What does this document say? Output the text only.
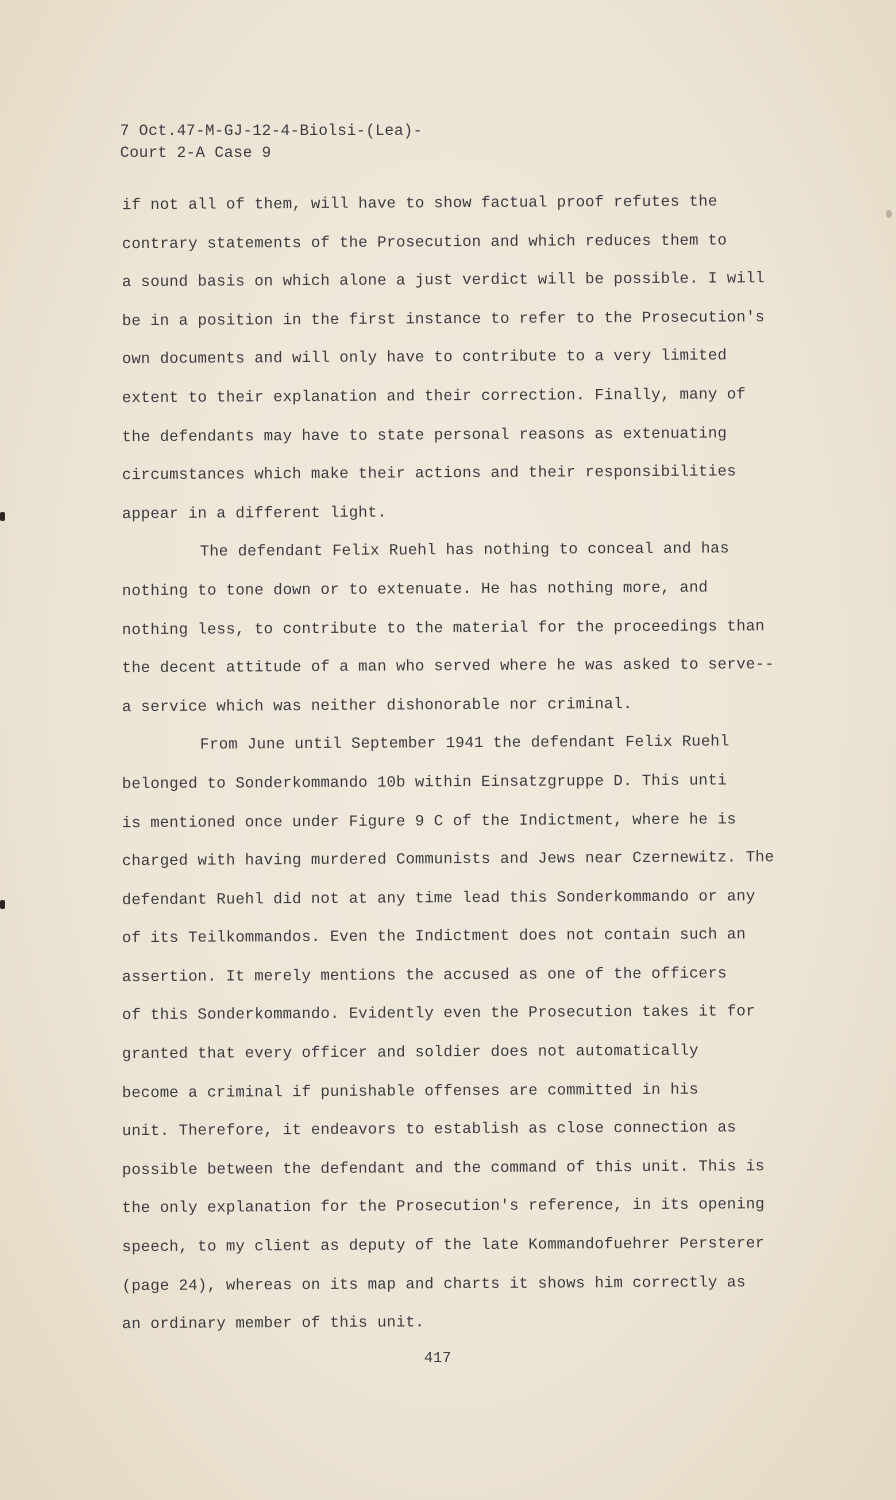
7 Oct.47-M-GJ-12-4-Biolsi-(Lea)-
Court 2-A Case 9
if not all of them, will have to show factual proof refutes the
contrary statements of the Prosecution and which reduces them to
a sound basis on which alone a just verdict will be possible. I will
be in a position in the first instance to refer to the Prosecution's
own documents and will only have to contribute to a very limited
extent to their explanation and their correction. Finally, many of
the defendants may have to state personal reasons as extenuating
circumstances which make their actions and their responsibilities
appear in a different light.
The defendant Felix Ruehl has nothing to conceal and has
nothing to tone down or to extenuate. He has nothing more, and
nothing less, to contribute to the material for the proceedings than
the decent attitude of a man who served where he was asked to serve--
a service which was neither dishonorable nor criminal.
From June until September 1941 the defendant Felix Ruehl
belonged to Sonderkommando 10b within Einsatzgruppe D. This unti
is mentioned once under Figure 9 C of the Indictment, where he is
charged with having murdered Communists and Jews near Czernewitz. The
defendant Ruehl did not at any time lead this Sonderkommando or any
of its Teilkommandos. Even the Indictment does not contain such an
assertion. It merely mentions the accused as one of the officers
of this Sonderkommando. Evidently even the Prosecution takes it for
granted that every officer and soldier does not automatically
become a criminal if punishable offenses are committed in his
unit. Therefore, it endeavors to establish as close connection as
possible between the defendant and the command of this unit. This is
the only explanation for the Prosecution's reference, in its opening
speech, to my client as deputy of the late Kommandofuehrer Persterer
(page 24), whereas on its map and charts it shows him correctly as
an ordinary member of this unit.
417
